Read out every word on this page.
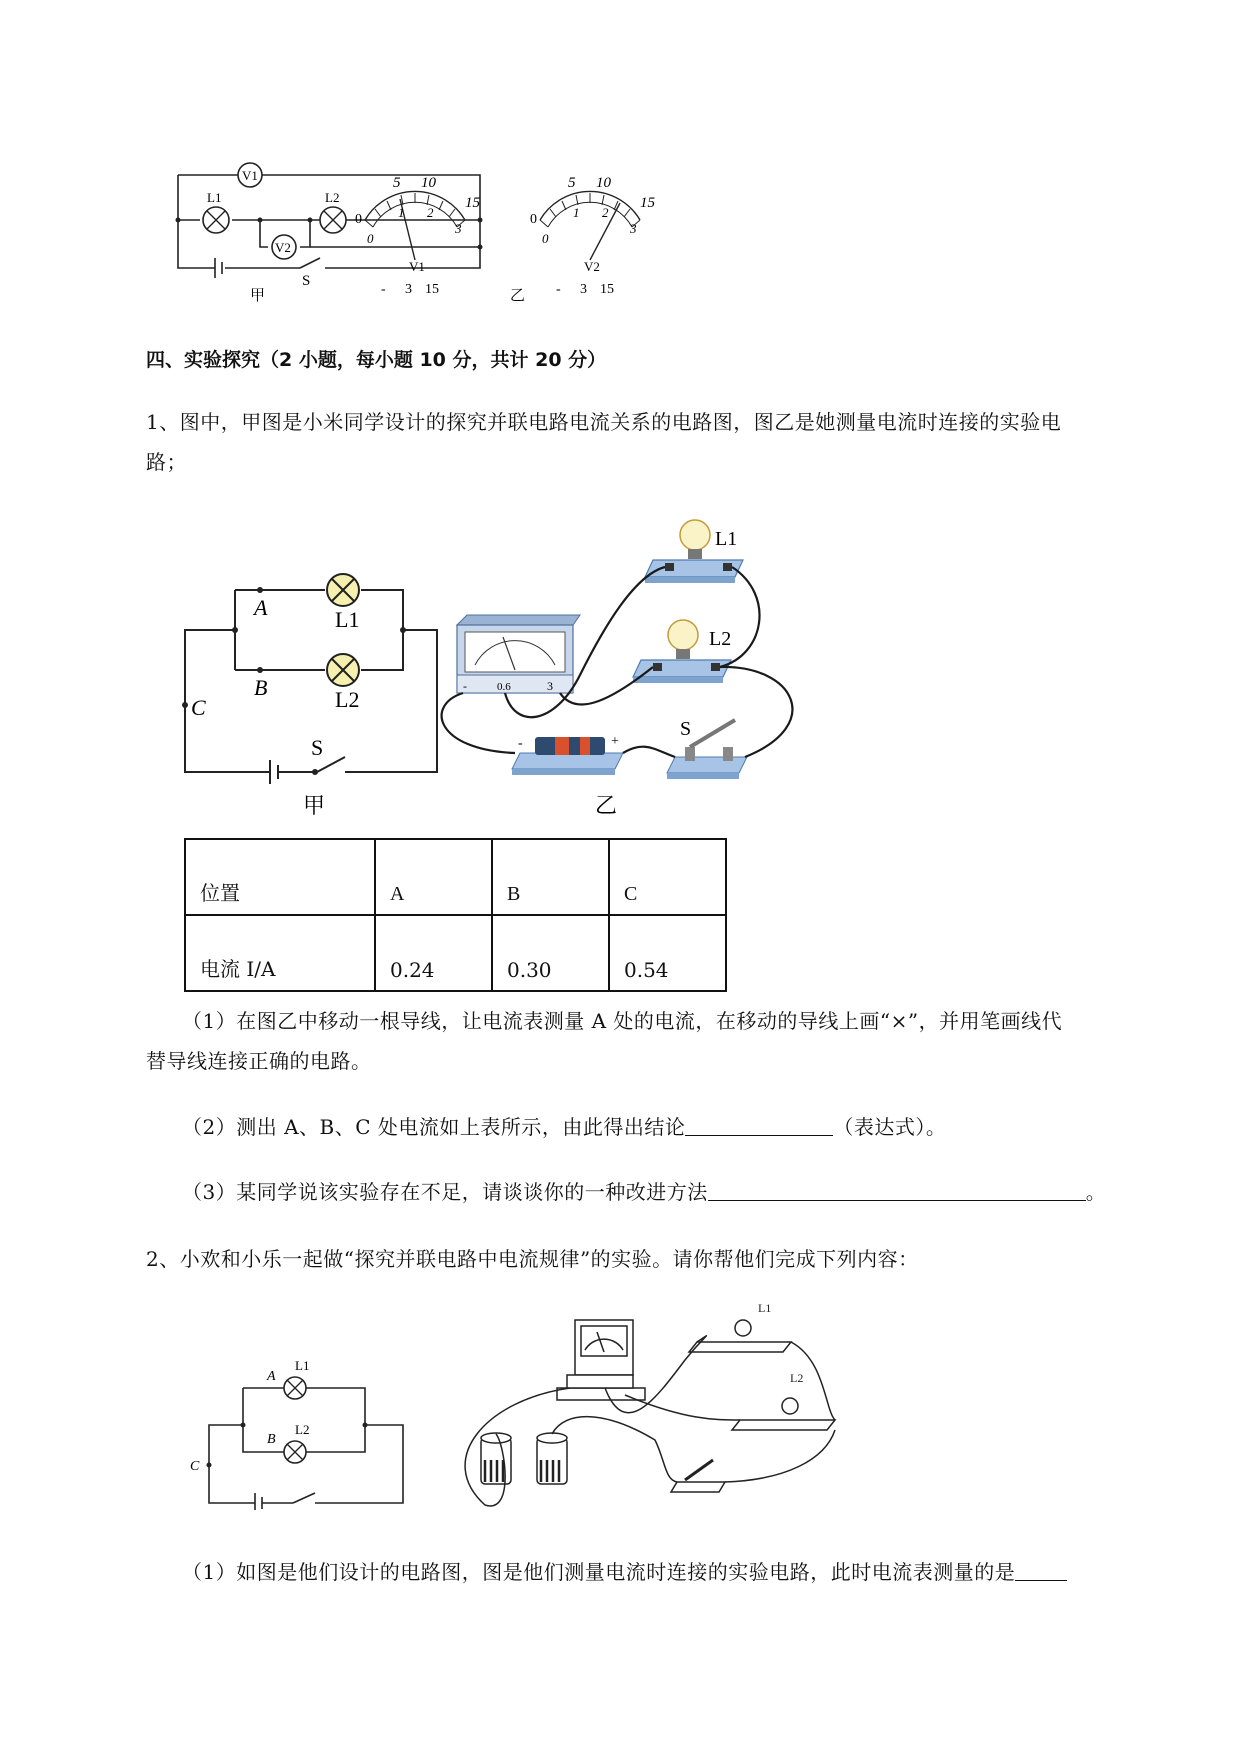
V1
L1	L2
V2
S
甲
0
0
5 10
15
1 2
3
V1
- 3 15
0
0
5 10
15
1 2
3
V2
- 3 15
乙
四、实验探究（2 小题，每小题 10 分，共计 20 分）
1、图中，甲图是小米同学设计的探究并联电路电流关系的电路图，图乙是她测量电流时连接的实验电
路；
A
B
C
L1
L2
S
甲
L1
L2
-	0.6	3
-	+
S
乙
位置	A	B	C
电流 I/A	0.24	0.30	0.54
（1）在图乙中移动一根导线，让电流表测量 A 处的电流，在移动的导线上画“×”，并用笔画线代
替导线连接正确的电路。
（2）测出 A、B、C 处电流如上表所示，由此得出结论	（表达式）。
（3）某同学说该实验存在不足，请谈谈你的一种改进方法	。
2、小欢和小乐一起做“探究并联电路中电流规律”的实验。请你帮他们完成下列内容：
A
B
C
L1
L2
L1
L2
（1）如图是他们设计的电路图，图是他们测量电流时连接的实验电路，此时电流表测量的是
